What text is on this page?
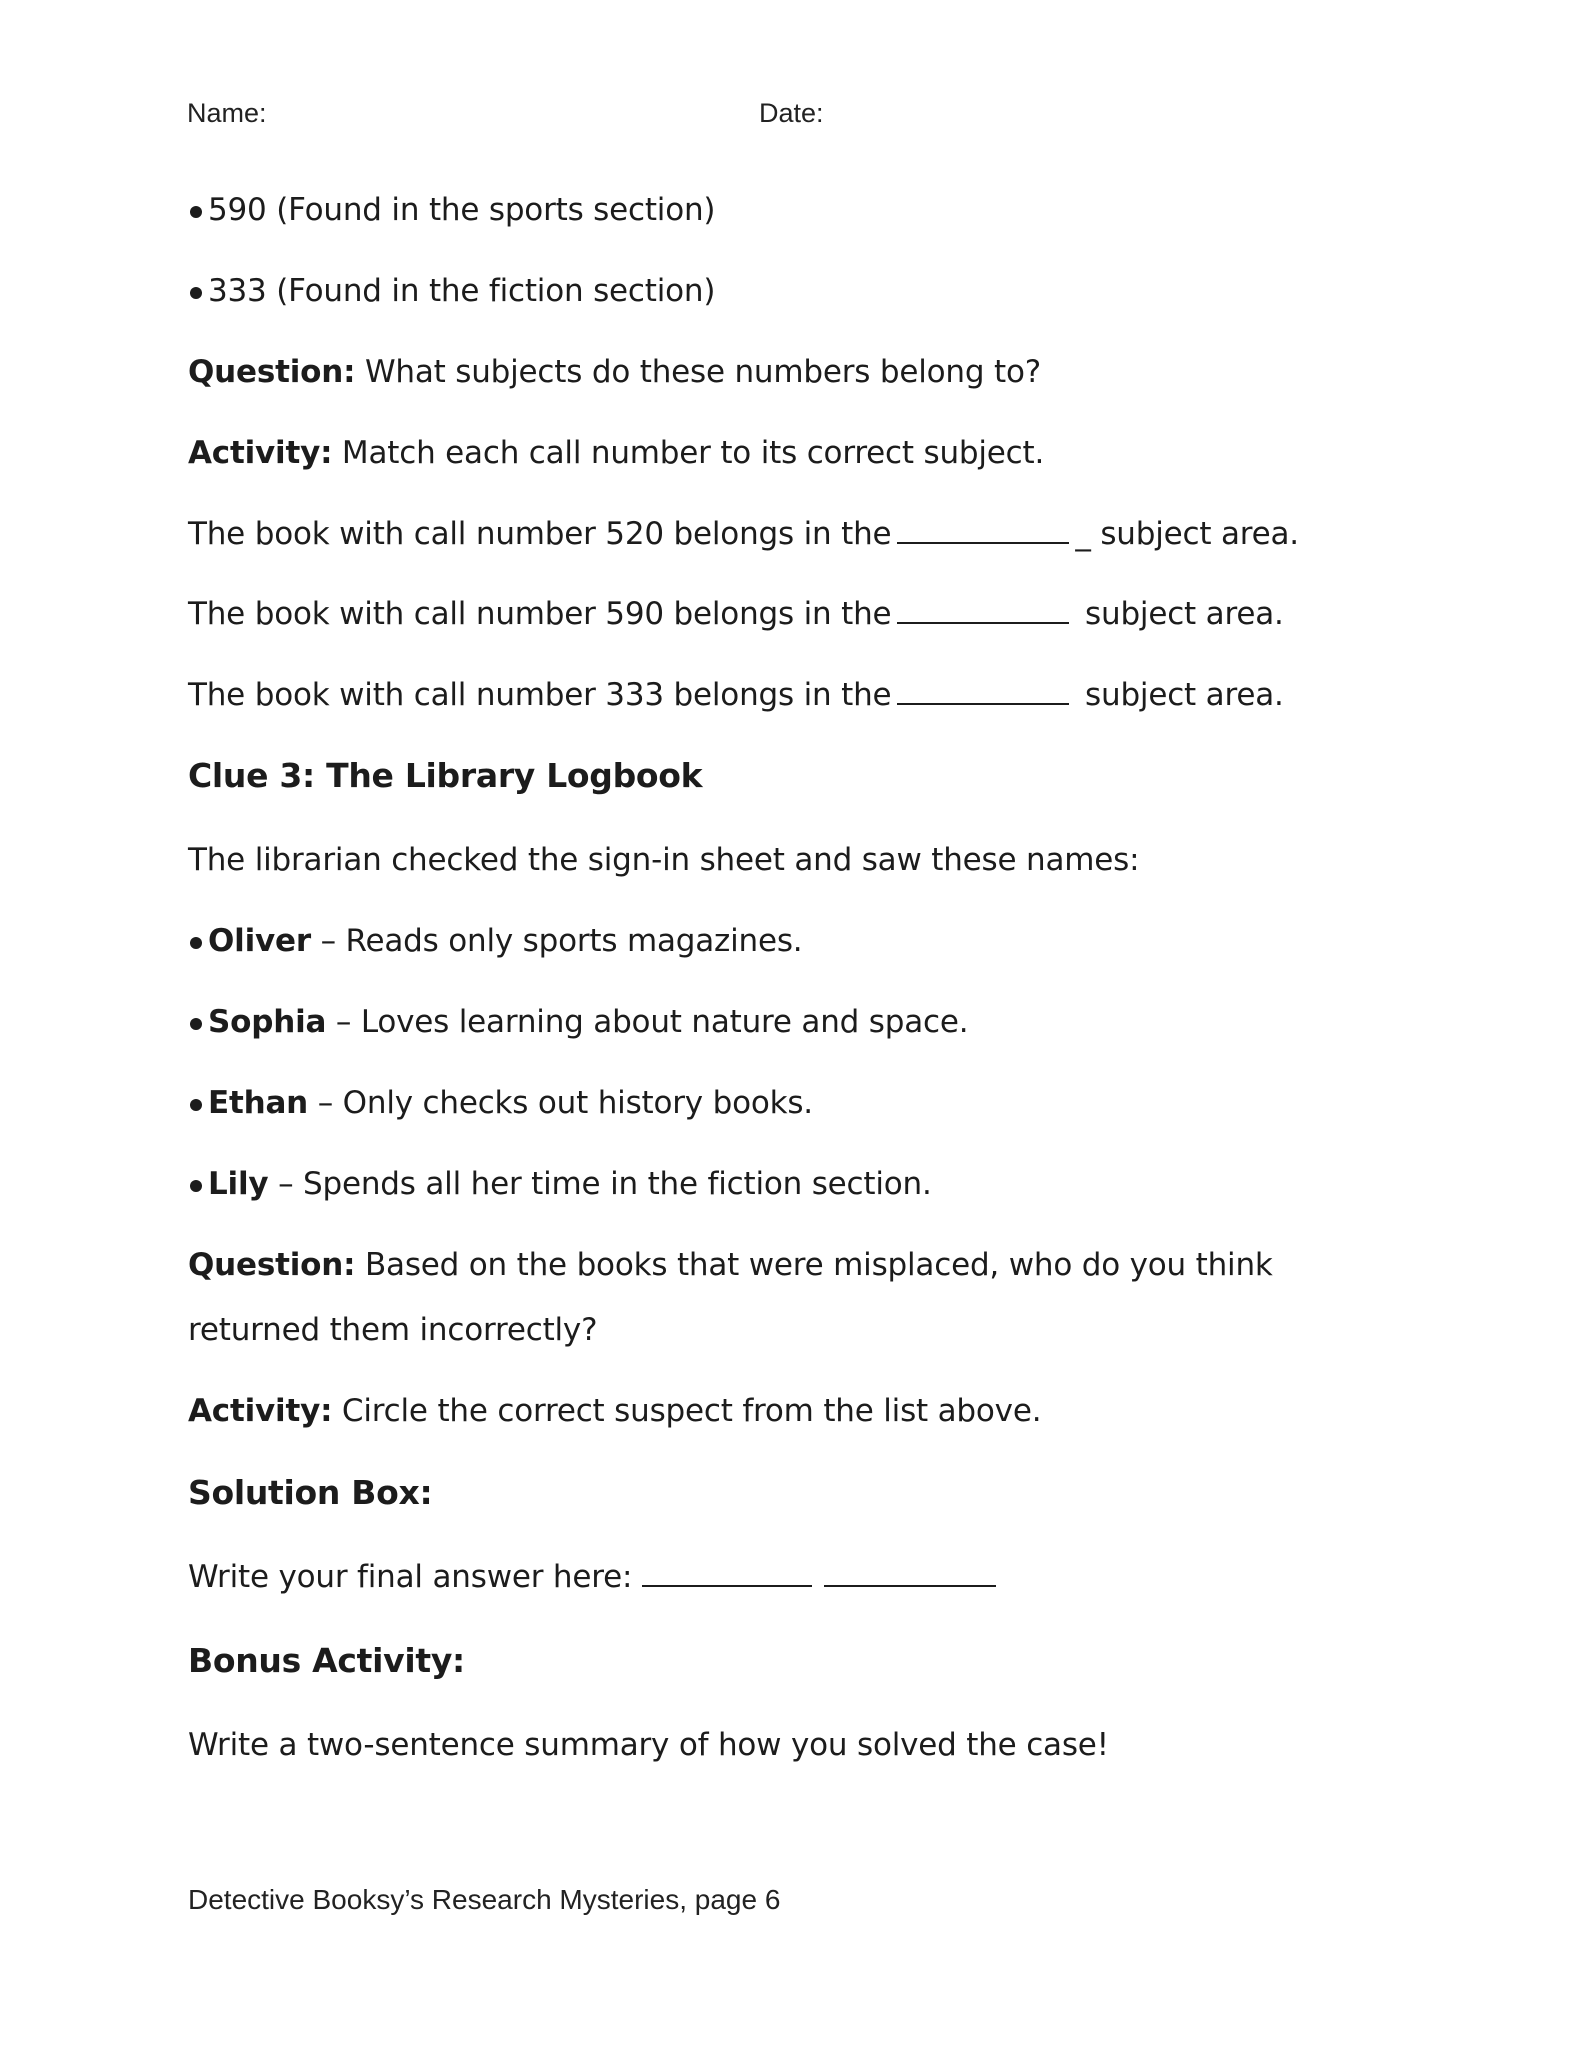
Name:	Date:
590 (Found in the sports section)
333 (Found in the fiction section)
Question: What subjects do these numbers belong to?
Activity: Match each call number to its correct subject.
The book with call number 520 belongs in the	_ subject area.
The book with call number 590 belongs in the	subject area.
The book with call number 333 belongs in the	subject area.
Clue 3: The Library Logbook
The librarian checked the sign-in sheet and saw these names:
Oliver – Reads only sports magazines.
Sophia – Loves learning about nature and space.
Ethan – Only checks out history books.
Lily – Spends all her time in the fiction section.
Question: Based on the books that were misplaced, who do you think
returned them incorrectly?
Activity: Circle the correct suspect from the list above.
Solution Box:
Write your final answer here:
Bonus Activity:
Write a two-sentence summary of how you solved the case!
Detective Booksy’s Research Mysteries, page 6
